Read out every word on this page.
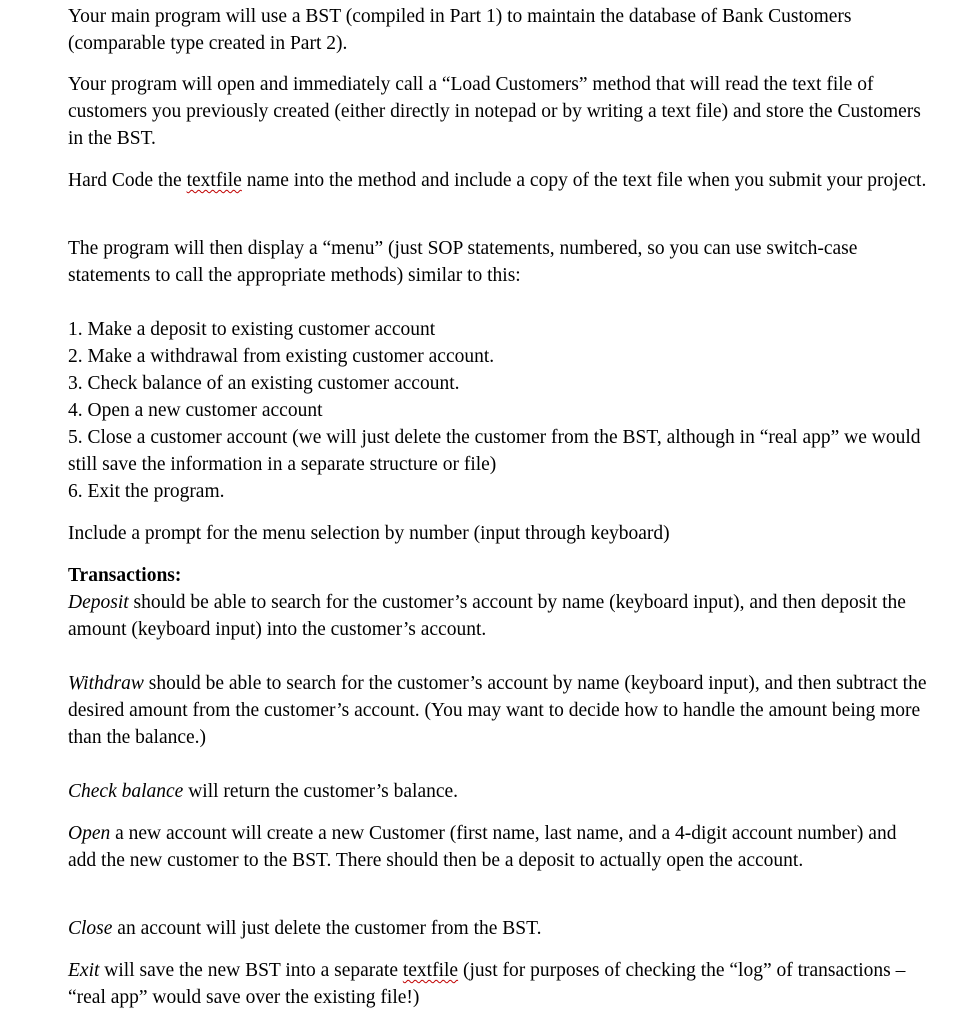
Your main program will use a BST (compiled in Part 1) to maintain the database of Bank Customers (comparable type created in Part 2).

Your program will open and immediately call a “Load Customers” method that will read the text file of customers you previously created (either directly in notepad or by writing a text file) and store the Customers in the BST.

Hard Code the textfile name into the method and include a copy of the text file when you submit your project.

The program will then display a “menu” (just SOP statements, numbered, so you can use switch-case statements to call the appropriate methods) similar to this:

1. Make a deposit to existing customer account
2. Make a withdrawal from existing customer account.
3. Check balance of an existing customer account.
4. Open a new customer account
5. Close a customer account (we will just delete the customer from the BST, although in “real app” we would still save the information in a separate structure or file)
6. Exit the program.

Include a prompt for the menu selection by number (input through keyboard)

Transactions:
Deposit should be able to search for the customer’s account by name (keyboard input), and then deposit the amount (keyboard input) into the customer’s account.

Withdraw should be able to search for the customer’s account by name (keyboard input), and then subtract the desired amount from the customer’s account. (You may want to decide how to handle the amount being more than the balance.)

Check balance will return the customer’s balance.

Open a new account will create a new Customer (first name, last name, and a 4-digit account number) and add the new customer to the BST. There should then be a deposit to actually open the account.

Close an account will just delete the customer from the BST.

Exit will save the new BST into a separate textfile (just for purposes of checking the “log” of transactions – “real app” would save over the existing file!)
